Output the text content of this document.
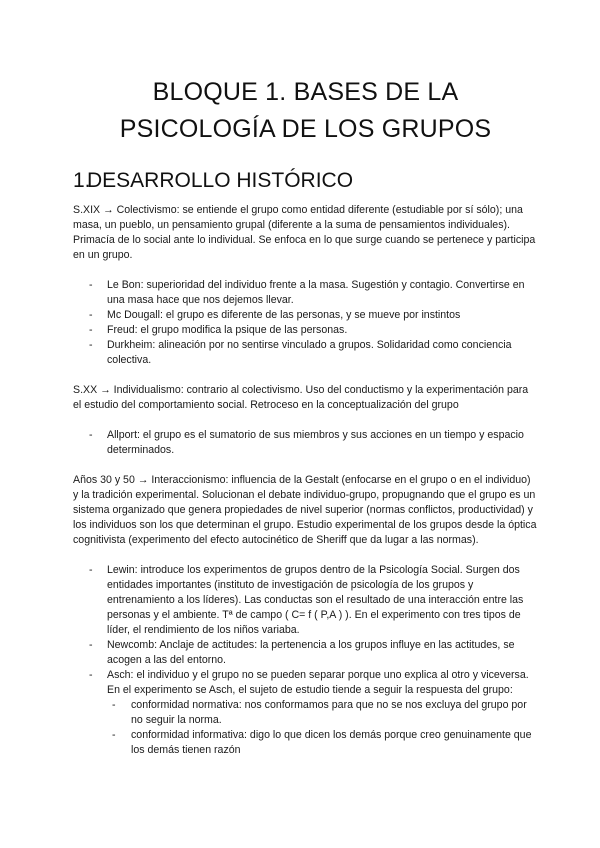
BLOQUE 1. BASES DE LA PSICOLOGÍA DE LOS GRUPOS
1.DESARROLLO HISTÓRICO

S.XIX → Colectivismo: se entiende el grupo como entidad diferente (estudiable por sí sólo); una masa, un pueblo, un pensamiento grupal (diferente a la suma de pensamientos individuales). Primacía de lo social ante lo individual. Se enfoca en lo que surge cuando se pertenece y participa en un grupo.

- Le Bon: superioridad del individuo frente a la masa. Sugestión y contagio. Convertirse en una masa hace que nos dejemos llevar.
- Mc Dougall: el grupo es diferente de las personas, y se mueve por instintos
- Freud: el grupo modifica la psique de las personas.
- Durkheim: alineación por no sentirse vinculado a grupos. Solidaridad como conciencia colectiva.

S.XX → Individualismo: contrario al colectivismo. Uso del conductismo y la experimentación para el estudio del comportamiento social. Retroceso en la conceptualización del grupo

- Allport: el grupo es el sumatorio de sus miembros y sus acciones en un tiempo y espacio determinados.

Años 30 y 50 → Interaccionismo: influencia de la Gestalt (enfocarse en el grupo o en el individuo) y la tradición experimental. Solucionan el debate individuo-grupo, propugnando que el grupo es un sistema organizado que genera propiedades de nivel superior (normas conflictos, productividad) y los individuos son los que determinan el grupo. Estudio experimental de los grupos desde la óptica cognitivista (experimento del efecto autocinético de Sheriff que da lugar a las normas).

- Lewin: introduce los experimentos de grupos dentro de la Psicología Social. Surgen dos entidades importantes (instituto de investigación de psicología de los grupos y entrenamiento a los líderes). Las conductas son el resultado de una interacción entre las personas y el ambiente. Tª de campo ( C= f ( P,A ) ). En el experimento con tres tipos de líder, el rendimiento de los niños variaba.
- Newcomb: Anclaje de actitudes: la pertenencia a los grupos influye en las actitudes, se acogen a las del entorno.
- Asch: el individuo y el grupo no se pueden separar porque uno explica al otro y viceversa. En el experimento se Asch, el sujeto de estudio tiende a seguir la respuesta del grupo:
- conformidad normativa: nos conformamos para que no se nos excluya del grupo por no seguir la norma.
- conformidad informativa: digo lo que dicen los demás porque creo genuinamente que los demás tienen razón
